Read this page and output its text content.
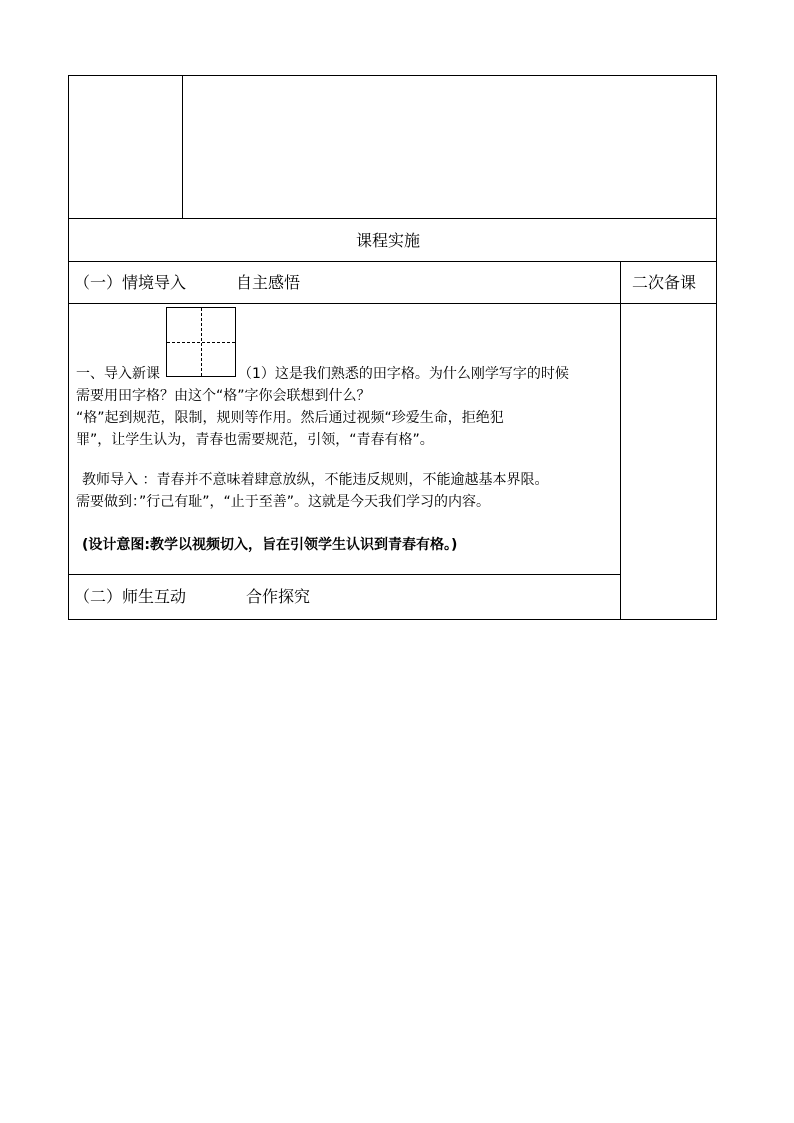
课程实施
（一）情境导入	自主感悟	二次备课
一、导入新课	（1）这是我们熟悉的田字格。为什么刚学写字的时候
需要用田字格？由这个“格”字你会联想到什么？
“格”起到规范，限制，规则等作用。然后通过视频“珍爱生命，拒绝犯
罪”，让学生认为，青春也需要规范，引领，“青春有格”。
教师导入 ：青春并不意味着肆意放纵，不能违反规则，不能逾越基本界限。
需要做到：”行己有耻”，“止于至善”。这就是今天我们学习的内容。
(设计意图:教学以视频切入，旨在引领学生认识到青春有格。)
（二）师生互动	合作探究
